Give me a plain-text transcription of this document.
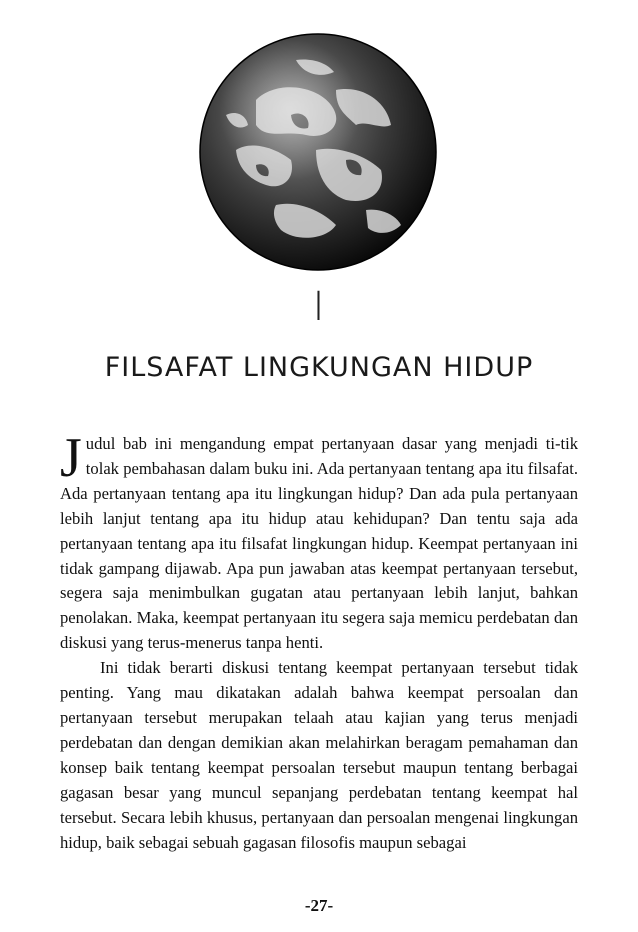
I
FILSAFAT LINGKUNGAN HIDUP

Judul bab ini mengandung empat pertanyaan dasar yang menjadi ti-tik tolak pembahasan dalam buku ini. Ada pertanyaan tentang apa itu filsafat. Ada pertanyaan tentang apa itu lingkungan hidup? Dan ada pula pertanyaan lebih lanjut tentang apa itu hidup atau kehidupan? Dan tentu saja ada pertanyaan tentang apa itu filsafat lingkungan hidup. Keempat pertanyaan ini tidak gampang dijawab. Apa pun jawaban atas keempat pertanyaan tersebut, segera saja menimbulkan gugatan atau pertanyaan lebih lanjut, bahkan penolakan. Maka, keempat pertanyaan itu segera saja memicu perdebatan dan diskusi yang terus-menerus tanpa henti.

Ini tidak berarti diskusi tentang keempat pertanyaan tersebut tidak penting. Yang mau dikatakan adalah bahwa keempat persoalan dan pertanyaan tersebut merupakan telaah atau kajian yang terus menjadi perdebatan dan dengan demikian akan melahirkan beragam pemahaman dan konsep baik tentang keempat persoalan tersebut maupun tentang berbagai gagasan besar yang muncul sepanjang perdebatan tentang keempat hal tersebut. Secara lebih khusus, pertanyaan dan persoalan mengenai lingkungan hidup, baik sebagai sebuah gagasan filosofis maupun sebagai

-27-
